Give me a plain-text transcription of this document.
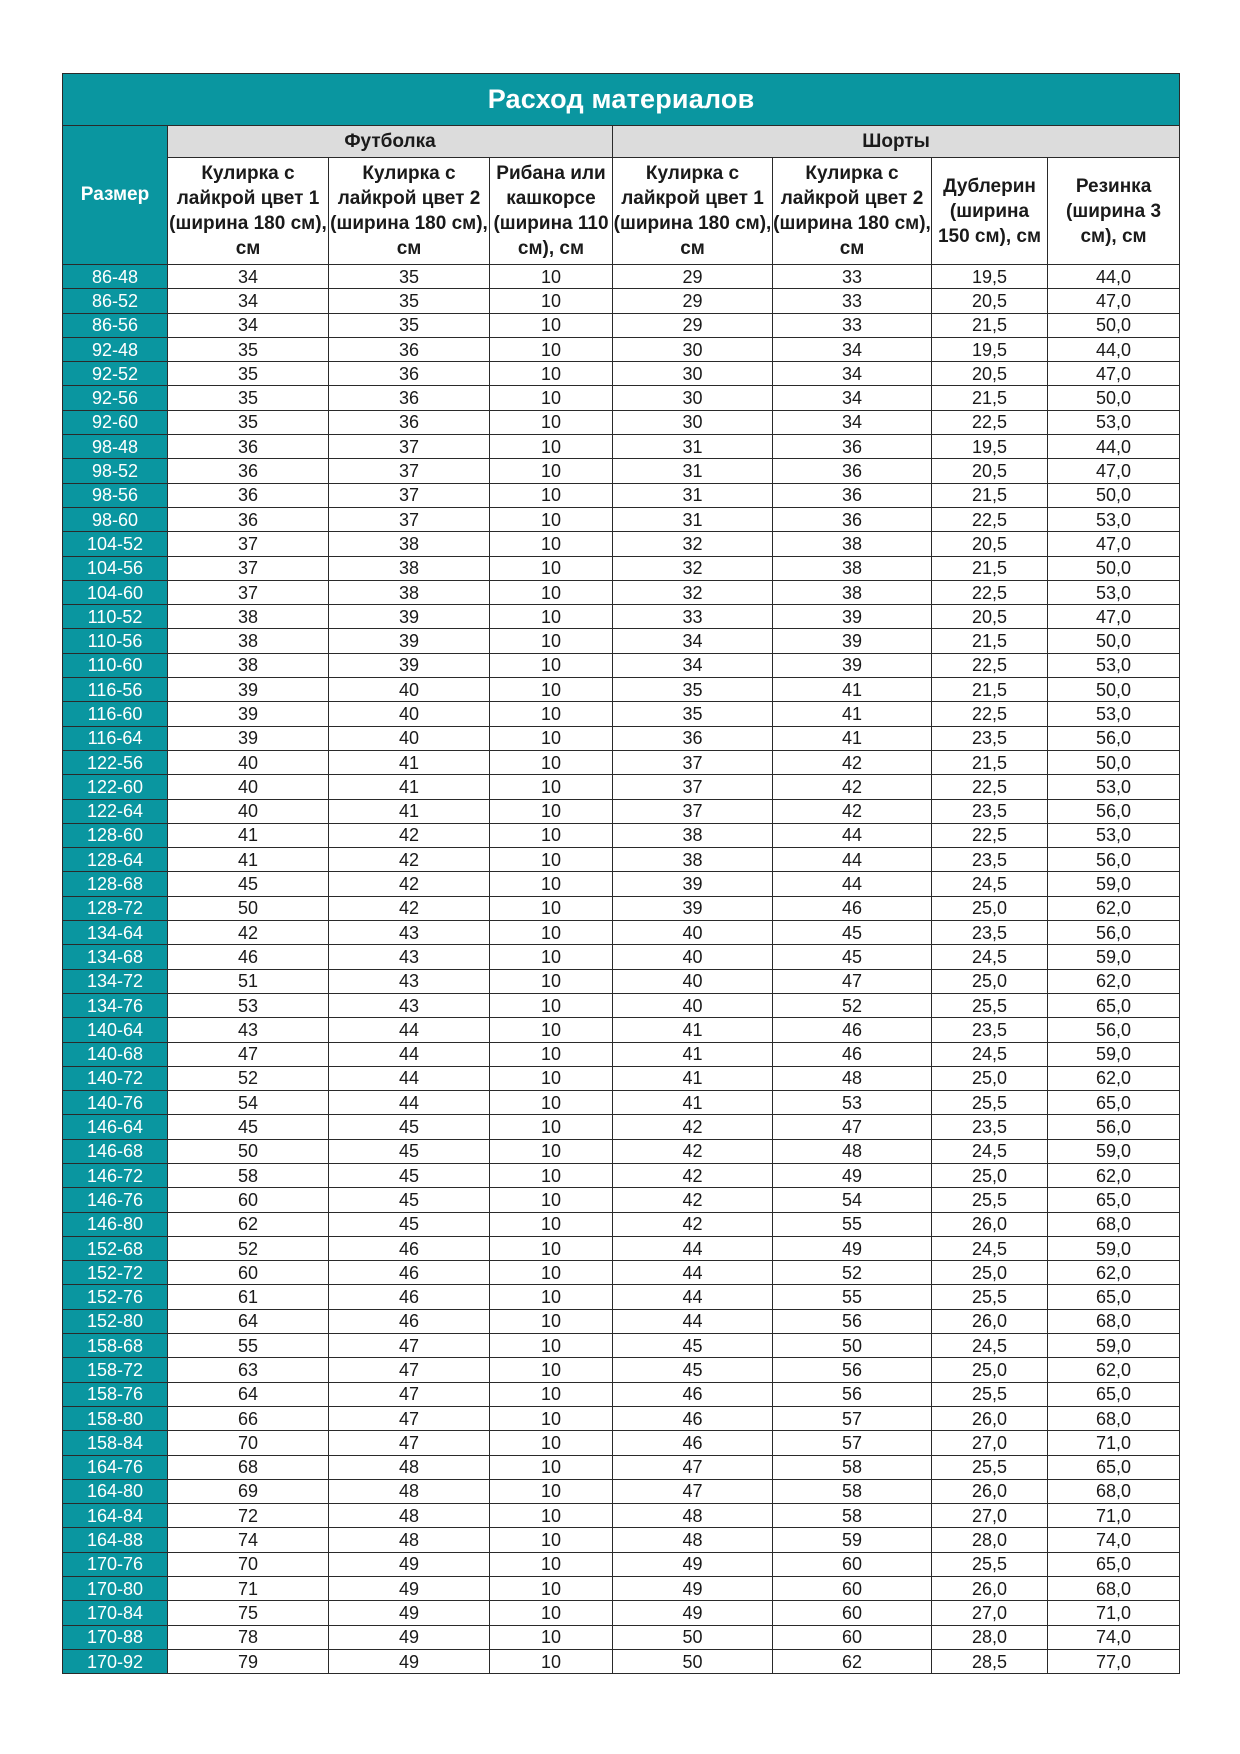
Расход материалов							
Размер	Футболка			Шорты			
	Кулирка с лайкрой цвет 1 (ширина 180 см), см	Кулирка с лайкрой цвет 2 (ширина 180 см), см	Рибана или кашкорсе (ширина 110 см), см	Кулирка с лайкрой цвет 1 (ширина 180 см), см	Кулирка с лайкрой цвет 2 (ширина 180 см), см	Дублерин (ширина 150 см), см	Резинка (ширина 3 см), см
86-48	34	35	10	29	33	19,5	44,0
86-52	34	35	10	29	33	20,5	47,0
86-56	34	35	10	29	33	21,5	50,0
92-48	35	36	10	30	34	19,5	44,0
92-52	35	36	10	30	34	20,5	47,0
92-56	35	36	10	30	34	21,5	50,0
92-60	35	36	10	30	34	22,5	53,0
98-48	36	37	10	31	36	19,5	44,0
98-52	36	37	10	31	36	20,5	47,0
98-56	36	37	10	31	36	21,5	50,0
98-60	36	37	10	31	36	22,5	53,0
104-52	37	38	10	32	38	20,5	47,0
104-56	37	38	10	32	38	21,5	50,0
104-60	37	38	10	32	38	22,5	53,0
110-52	38	39	10	33	39	20,5	47,0
110-56	38	39	10	34	39	21,5	50,0
110-60	38	39	10	34	39	22,5	53,0
116-56	39	40	10	35	41	21,5	50,0
116-60	39	40	10	35	41	22,5	53,0
116-64	39	40	10	36	41	23,5	56,0
122-56	40	41	10	37	42	21,5	50,0
122-60	40	41	10	37	42	22,5	53,0
122-64	40	41	10	37	42	23,5	56,0
128-60	41	42	10	38	44	22,5	53,0
128-64	41	42	10	38	44	23,5	56,0
128-68	45	42	10	39	44	24,5	59,0
128-72	50	42	10	39	46	25,0	62,0
134-64	42	43	10	40	45	23,5	56,0
134-68	46	43	10	40	45	24,5	59,0
134-72	51	43	10	40	47	25,0	62,0
134-76	53	43	10	40	52	25,5	65,0
140-64	43	44	10	41	46	23,5	56,0
140-68	47	44	10	41	46	24,5	59,0
140-72	52	44	10	41	48	25,0	62,0
140-76	54	44	10	41	53	25,5	65,0
146-64	45	45	10	42	47	23,5	56,0
146-68	50	45	10	42	48	24,5	59,0
146-72	58	45	10	42	49	25,0	62,0
146-76	60	45	10	42	54	25,5	65,0
146-80	62	45	10	42	55	26,0	68,0
152-68	52	46	10	44	49	24,5	59,0
152-72	60	46	10	44	52	25,0	62,0
152-76	61	46	10	44	55	25,5	65,0
152-80	64	46	10	44	56	26,0	68,0
158-68	55	47	10	45	50	24,5	59,0
158-72	63	47	10	45	56	25,0	62,0
158-76	64	47	10	46	56	25,5	65,0
158-80	66	47	10	46	57	26,0	68,0
158-84	70	47	10	46	57	27,0	71,0
164-76	68	48	10	47	58	25,5	65,0
164-80	69	48	10	47	58	26,0	68,0
164-84	72	48	10	48	58	27,0	71,0
164-88	74	48	10	48	59	28,0	74,0
170-76	70	49	10	49	60	25,5	65,0
170-80	71	49	10	49	60	26,0	68,0
170-84	75	49	10	49	60	27,0	71,0
170-88	78	49	10	50	60	28,0	74,0
170-92	79	49	10	50	62	28,5	77,0
